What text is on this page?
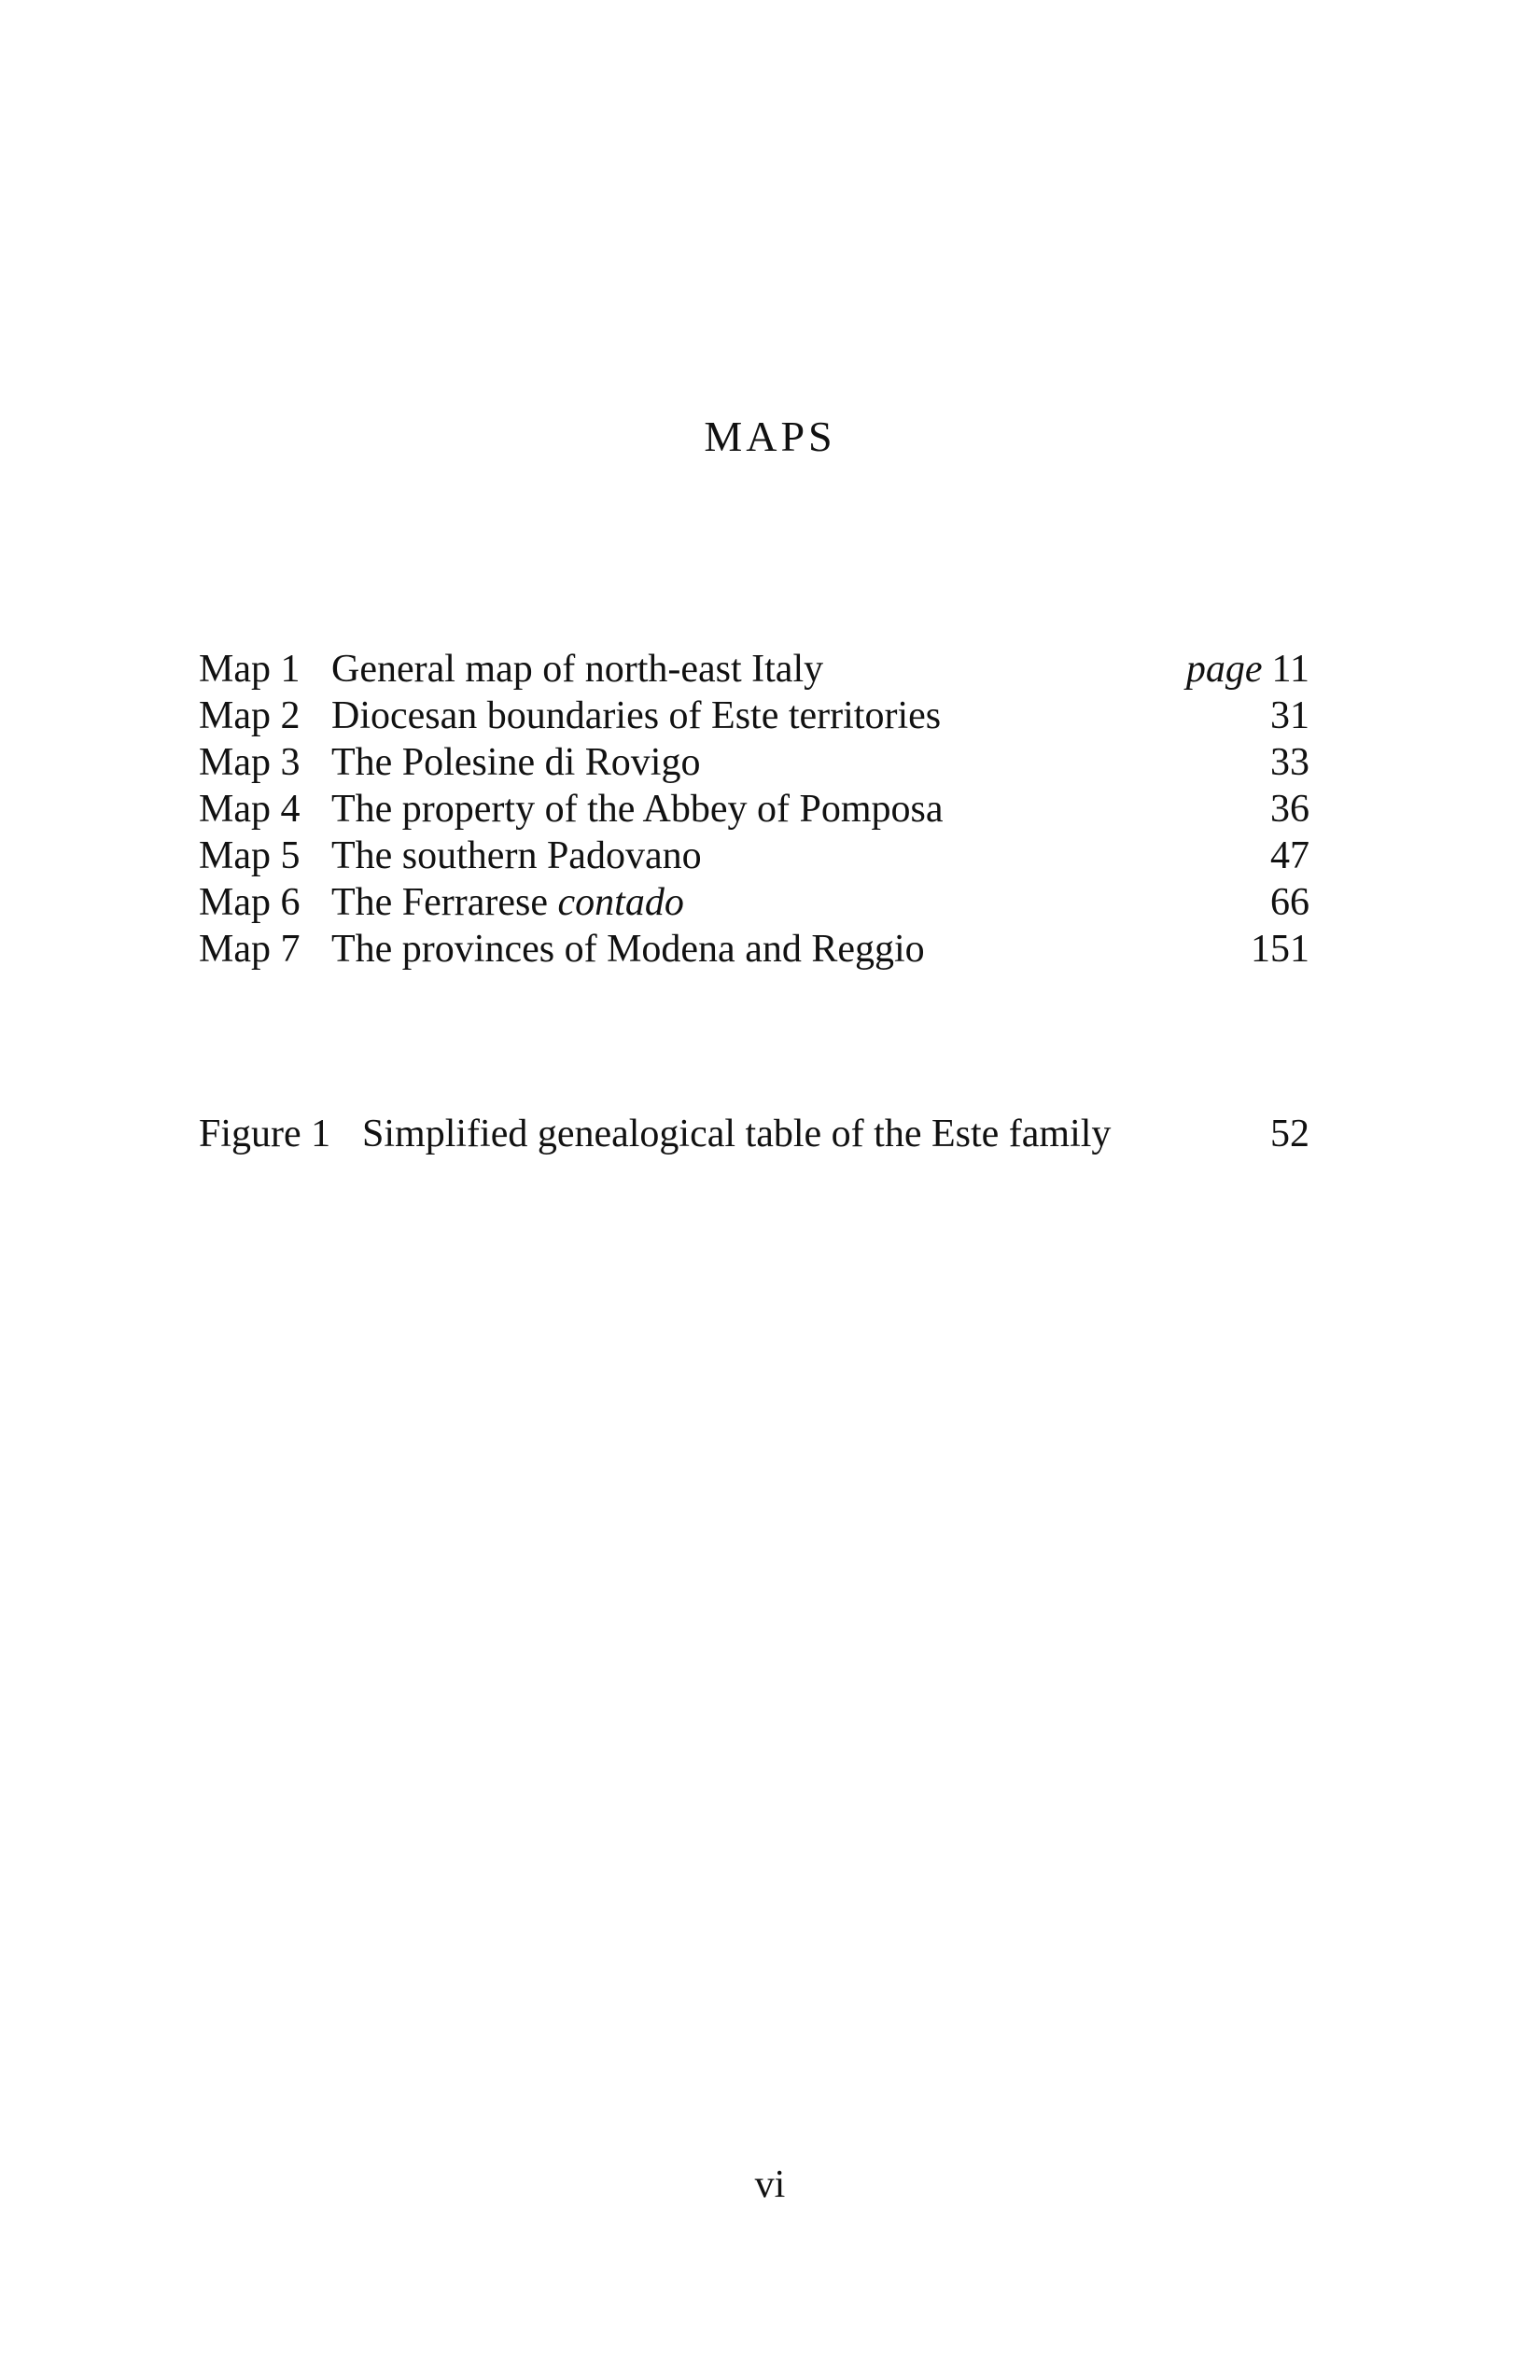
MAPS
Map 1 General map of north-east Italy	page 11
Map 2 Diocesan boundaries of Este territories	31
Map 3 The Polesine di Rovigo	33
Map 4 The property of the Abbey of Pomposa	36
Map 5 The southern Padovano	47
Map 6 The Ferrarese contado	66
Map 7 The provinces of Modena and Reggio	151
Figure 1 Simplified genealogical table of the Este family	52
vi
